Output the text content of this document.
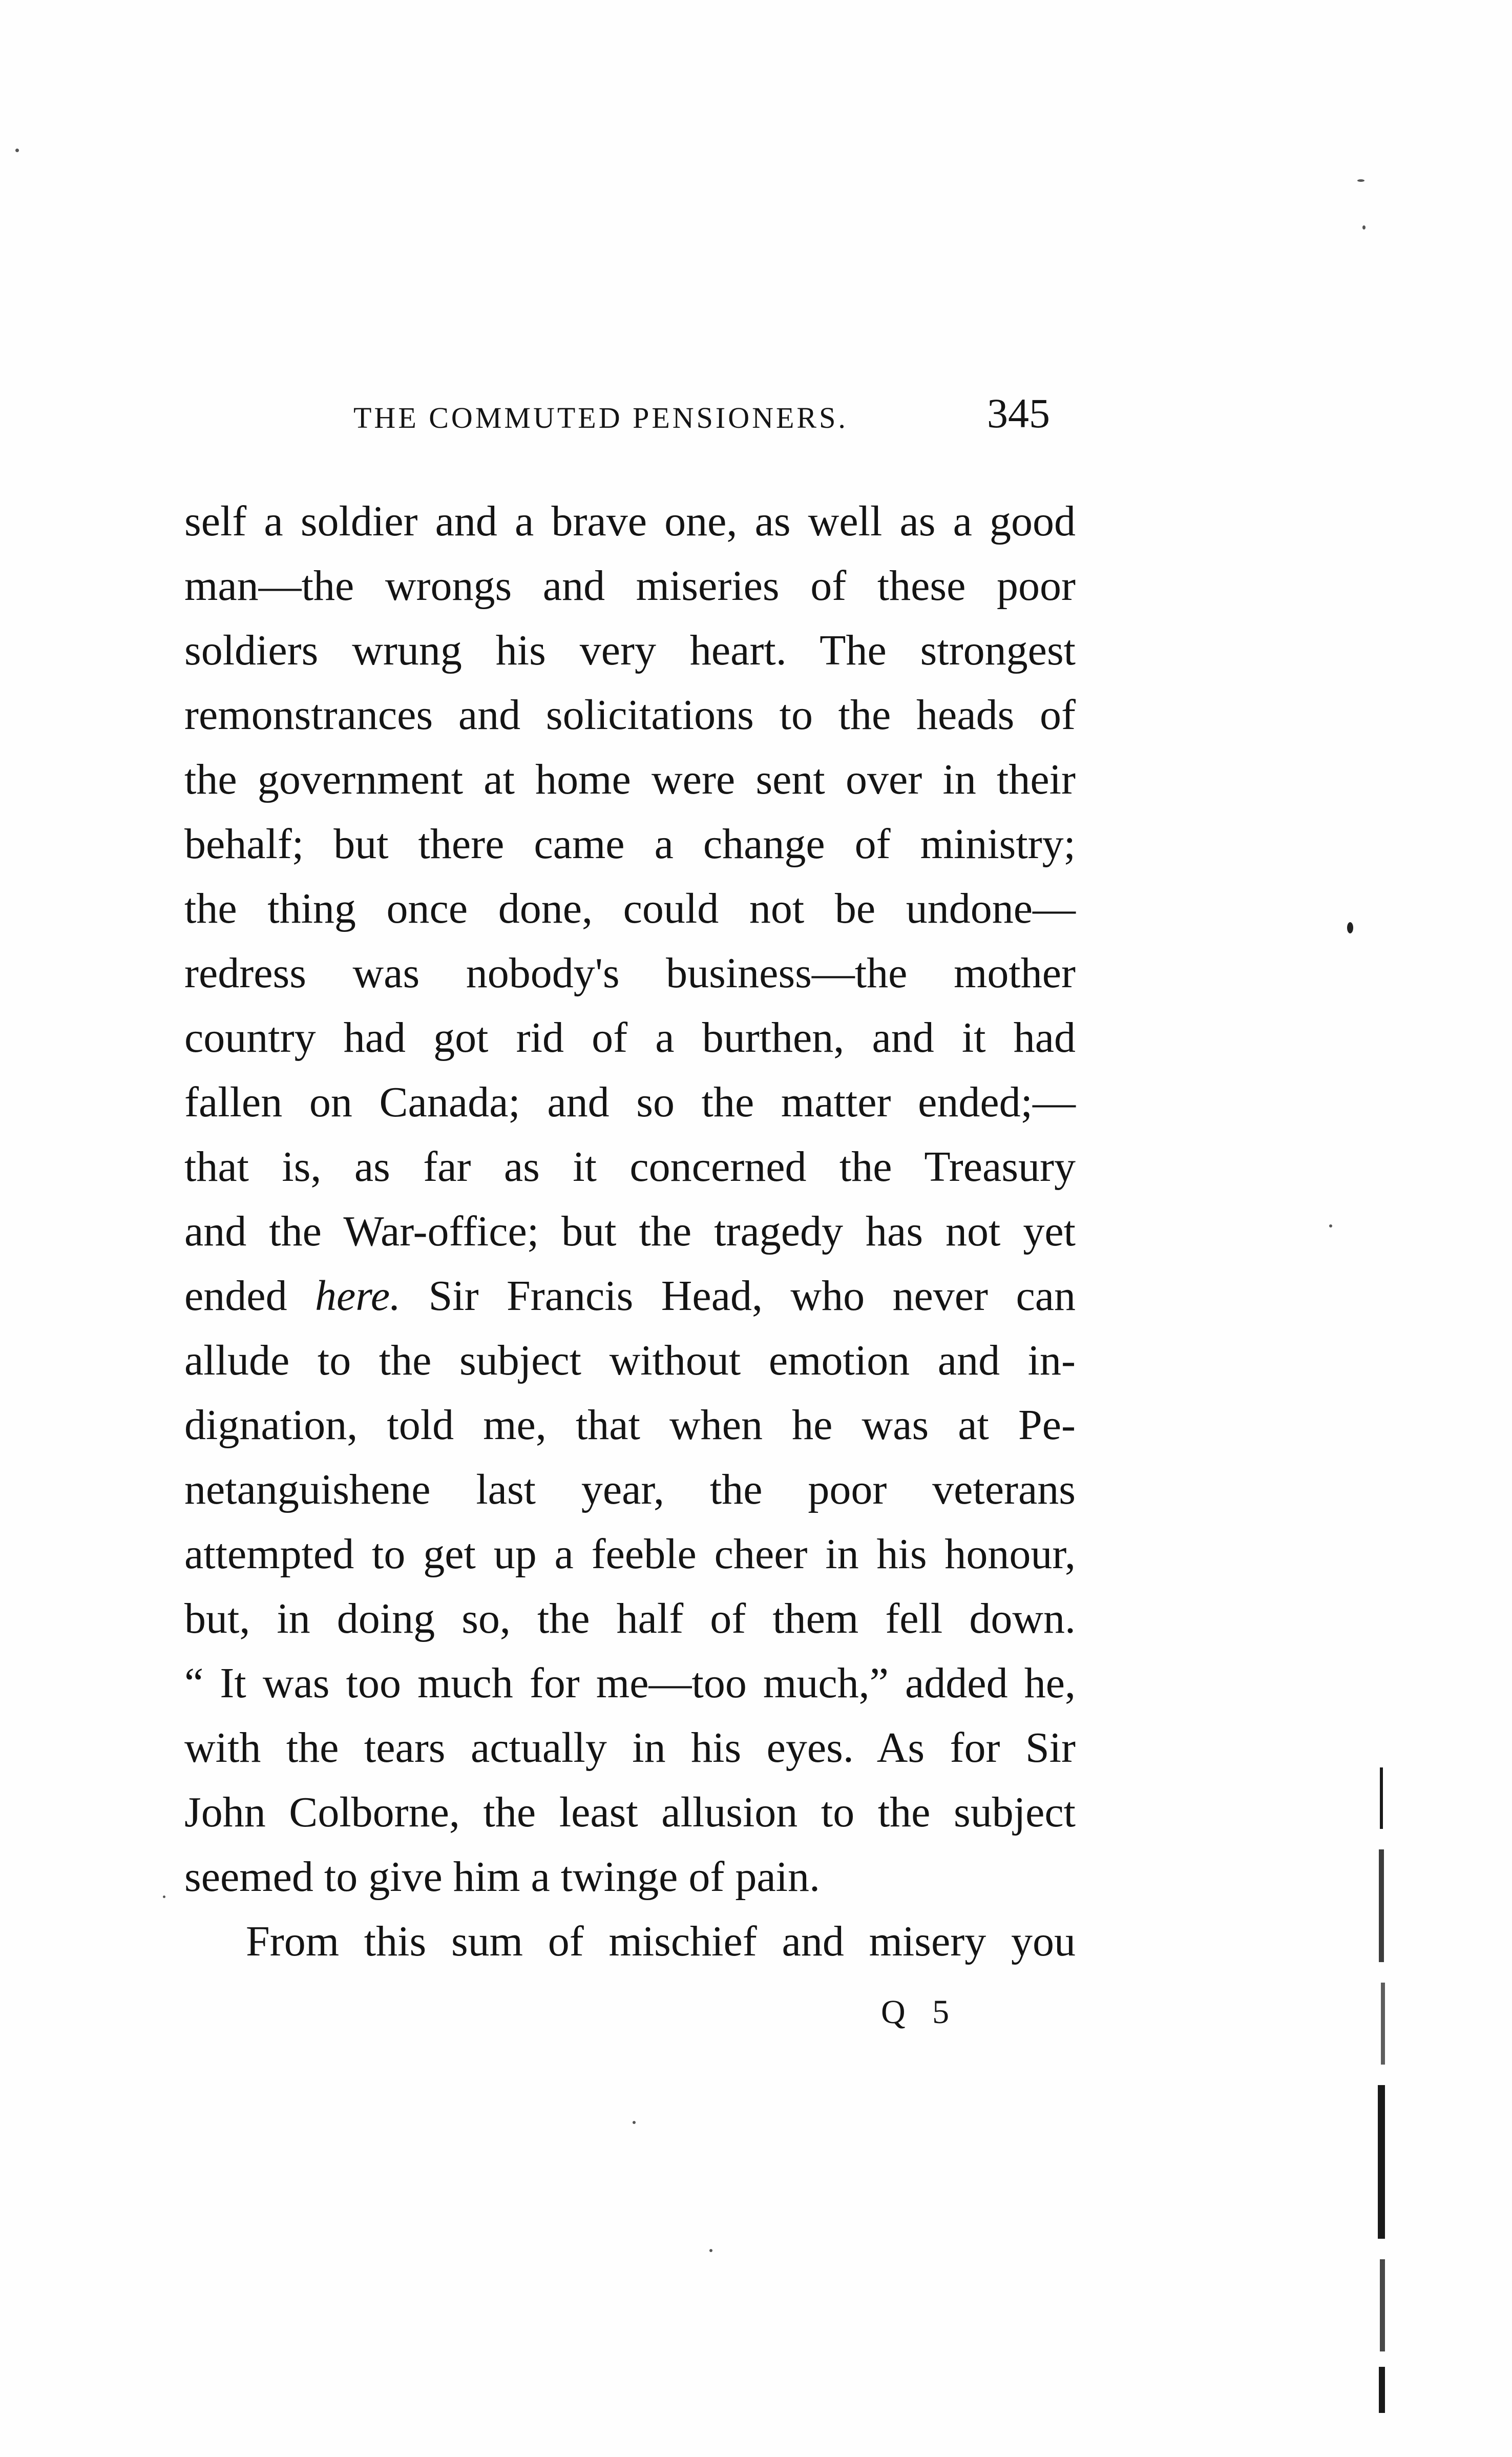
THE COMMUTED PENSIONERS.	345
self a soldier and a brave one, as well as a good
man—the wrongs and miseries of these poor
soldiers wrung his very heart. The strongest
remonstrances and solicitations to the heads of
the government at home were sent over in their
behalf; but there came a change of ministry;
the thing once done, could not be undone—
redress was nobody's business—the mother
country had got rid of a burthen, and it had
fallen on Canada; and so the matter ended;—
that is, as far as it concerned the Treasury
and the War-office; but the tragedy has not yet
ended here. Sir Francis Head, who never can
allude to the subject without emotion and in-
dignation, told me, that when he was at Pe-
netanguishene last year, the poor veterans
attempted to get up a feeble cheer in his honour,
but, in doing so, the half of them fell down.
“ It was too much for me—too much,” added he,
with the tears actually in his eyes. As for Sir
John Colborne, the least allusion to the subject
seemed to give him a twinge of pain.
From this sum of mischief and misery you
Q 5
